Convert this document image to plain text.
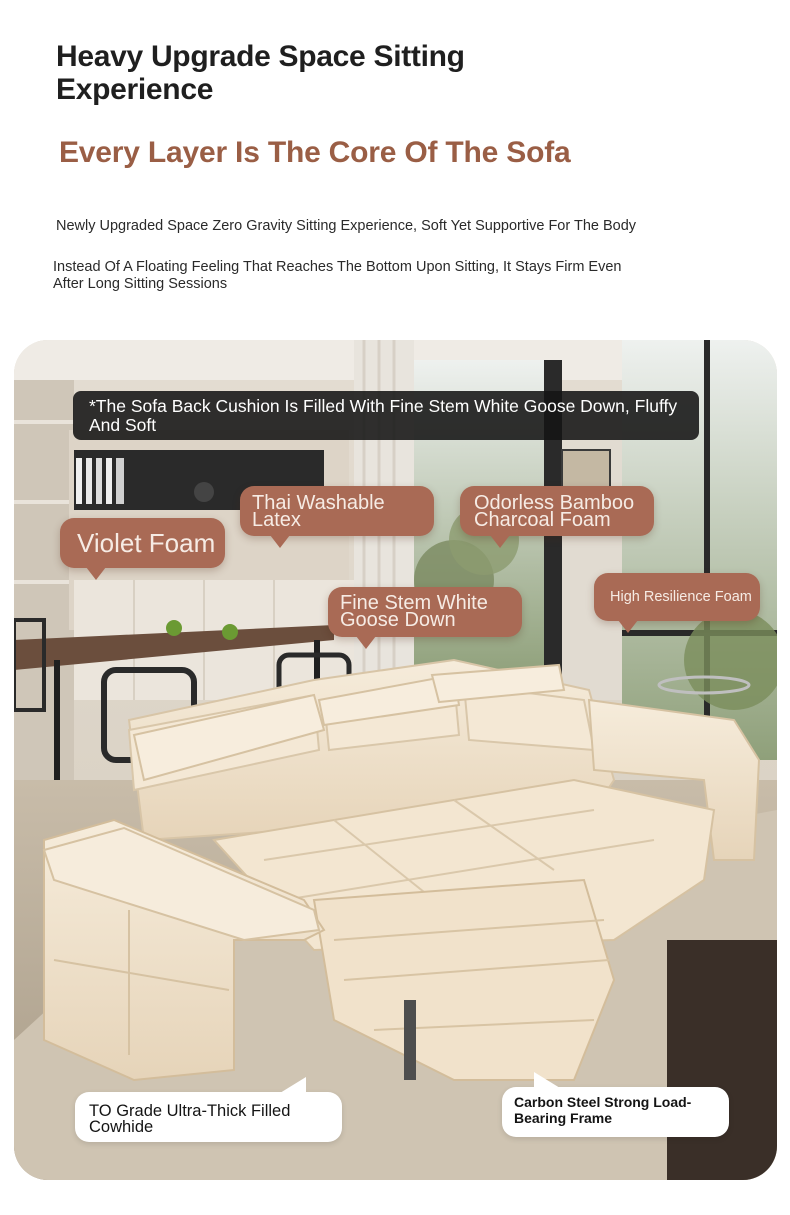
Heavy Upgrade Space Sitting Experience
Every Layer Is The Core Of The Sofa
Newly Upgraded Space Zero Gravity Sitting Experience, Soft Yet Supportive For The Body
Instead Of A Floating Feeling That Reaches The Bottom Upon Sitting, It Stays Firm Even After Long Sitting Sessions
*The Sofa Back Cushion Is Filled With Fine Stem White Goose Down, Fluffy And Soft
Violet Foam
Thai Washable Latex
Odorless Bamboo Charcoal Foam
Fine Stem White Goose Down
High Resilience Foam
TO Grade Ultra-Thick Filled Cowhide
Carbon Steel Strong Load-Bearing Frame
